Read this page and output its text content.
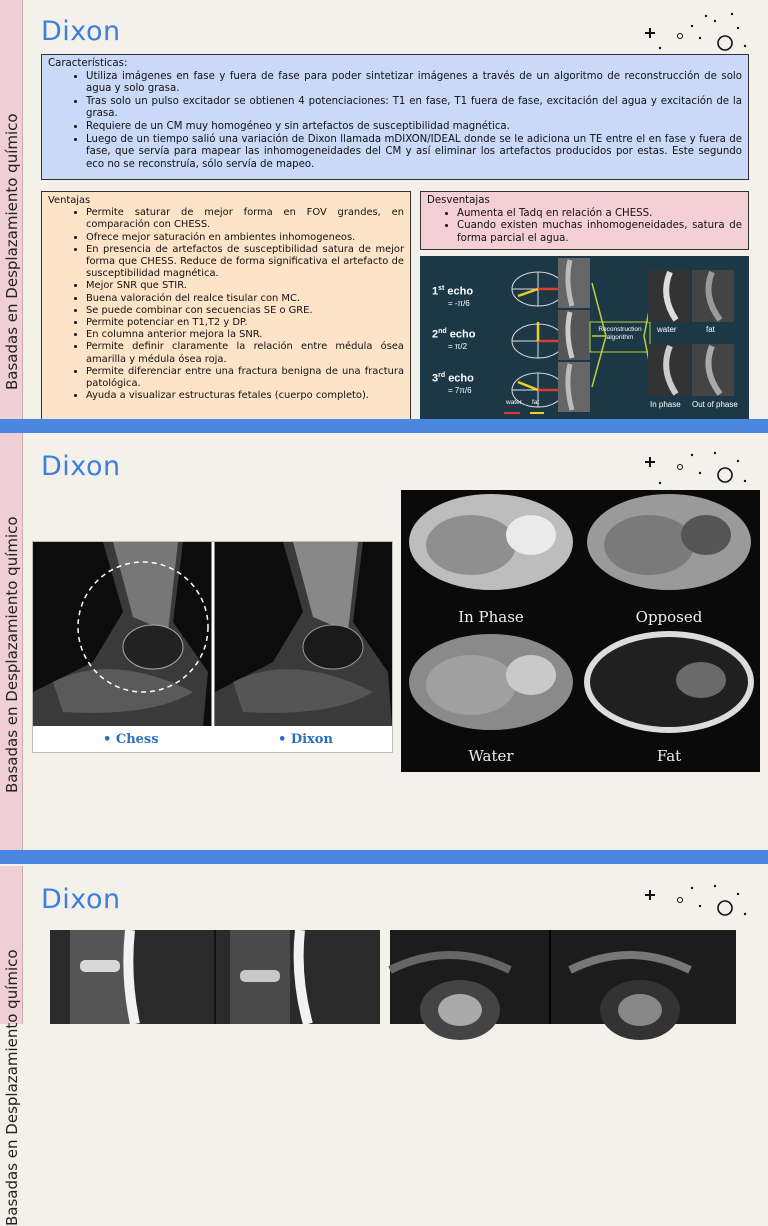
Basadas en Desplazamiento químico
Dixon
Características:
• Utiliza imágenes en fase y fuera de fase para poder sintetizar imágenes a través de un algoritmo de reconstrucción de solo agua y solo grasa.
• Tras solo un pulso excitador se obtienen 4 potenciaciones: T1 en fase, T1 fuera de fase, excitación del agua y excitación de la grasa.
• Requiere de un CM muy homogéneo y sin artefactos de susceptibilidad magnética.
• Luego de un tiempo salió una variación de Dixon llamada mDIXON/IDEAL donde se le adiciona un TE entre el en fase y fuera de fase, que servía para mapear las inhomogeneidades del CM y así eliminar los artefactos producidos por estas. Este segundo eco no se reconstruía, sólo servía de mapeo.
Ventajas
• Permite saturar de mejor forma en FOV grandes, en comparación con CHESS.
• Ofrece mejor saturación en ambientes inhomogeneos.
• En presencia de artefactos de susceptibilidad satura de mejor forma que CHESS. Reduce de forma significativa el artefacto de susceptibilidad magnética.
• Mejor SNR que STIR.
• Buena valoración del realce tisular con MC.
• Se puede combinar con secuencias SE o GRE.
• Permite potenciar en T1,T2 y DP.
• En columna anterior mejora la SNR.
• Permite definir claramente la relación entre médula ósea amarilla y médula ósea roja.
• Permite diferenciar entre una fractura benigna de una fractura patológica.
• Ayuda a visualizar estructuras fetales (cuerpo completo).
Desventajas
• Aumenta el Tadq en relación a CHESS.
• Cuando existen muchas inhomogeneidades, satura de forma parcial el agua.
1st echo
= -π/6
2nd echo
= π/2
3rd echo
= 7π/6
water fat
Reconstruction algorithm
water	fat
In phase Out of phase
Basadas en Desplazamiento químico
Dixon
• Chess	• Dixon
In Phase	Opposed
Water	Fat
Basadas en Desplazamiento químico
Dixon
